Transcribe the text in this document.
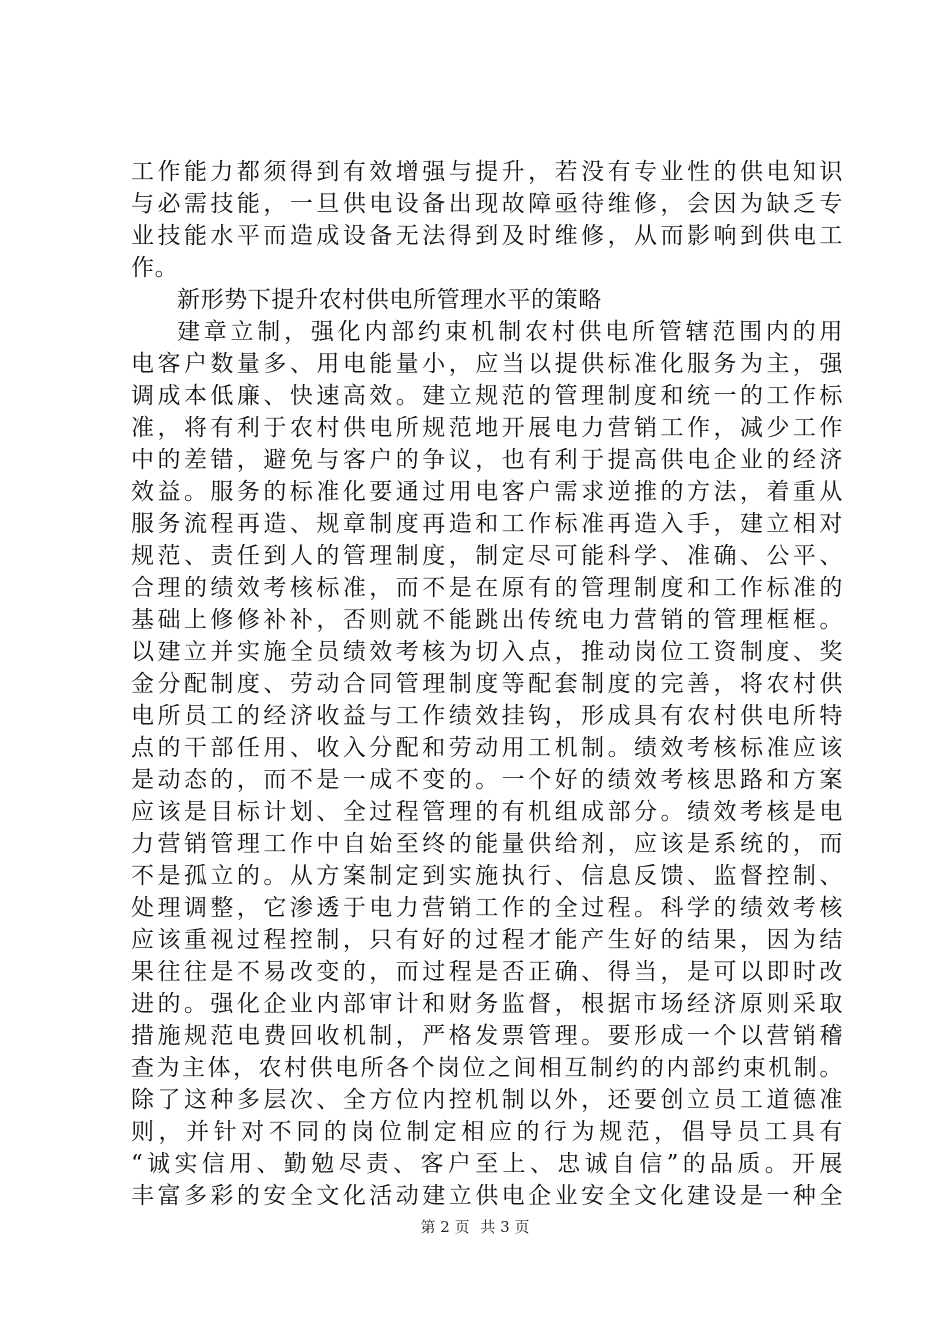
工作能力都须得到有效增强与提升，若没有专业性的供电知识
与必需技能，一旦供电设备出现故障亟待维修，会因为缺乏专
业技能水平而造成设备无法得到及时维修，从而影响到供电工
作。
新形势下提升农村供电所管理水平的策略
建章立制，强化内部约束机制农村供电所管辖范围内的用
电客户数量多、用电能量小，应当以提供标准化服务为主，强
调成本低廉、快速高效。建立规范的管理制度和统一的工作标
准，将有利于农村供电所规范地开展电力营销工作，减少工作
中的差错，避免与客户的争议，也有利于提高供电企业的经济
效益。服务的标准化要通过用电客户需求逆推的方法，着重从
服务流程再造、规章制度再造和工作标准再造入手，建立相对
规范、责任到人的管理制度，制定尽可能科学、准确、公平、
合理的绩效考核标准，而不是在原有的管理制度和工作标准的
基础上修修补补，否则就不能跳出传统电力营销的管理框框。
以建立并实施全员绩效考核为切入点，推动岗位工资制度、奖
金分配制度、劳动合同管理制度等配套制度的完善，将农村供
电所员工的经济收益与工作绩效挂钩，形成具有农村供电所特
点的干部任用、收入分配和劳动用工机制。绩效考核标准应该
是动态的，而不是一成不变的。一个好的绩效考核思路和方案
应该是目标计划、全过程管理的有机组成部分。绩效考核是电
力营销管理工作中自始至终的能量供给剂，应该是系统的，而
不是孤立的。从方案制定到实施执行、信息反馈、监督控制、
处理调整，它渗透于电力营销工作的全过程。科学的绩效考核
应该重视过程控制，只有好的过程才能产生好的结果，因为结
果往往是不易改变的，而过程是否正确、得当，是可以即时改
进的。强化企业内部审计和财务监督，根据市场经济原则采取
措施规范电费回收机制，严格发票管理。要形成一个以营销稽
查为主体，农村供电所各个岗位之间相互制约的内部约束机制。
除了这种多层次、全方位内控机制以外，还要创立员工道德准
则，并针对不同的岗位制定相应的行为规范，倡导员工具有
“诚实信用、勤勉尽责、客户至上、忠诚自信”的品质。开展
丰富多彩的安全文化活动建立供电企业安全文化建设是一种全
第 2 页 共 3 页
